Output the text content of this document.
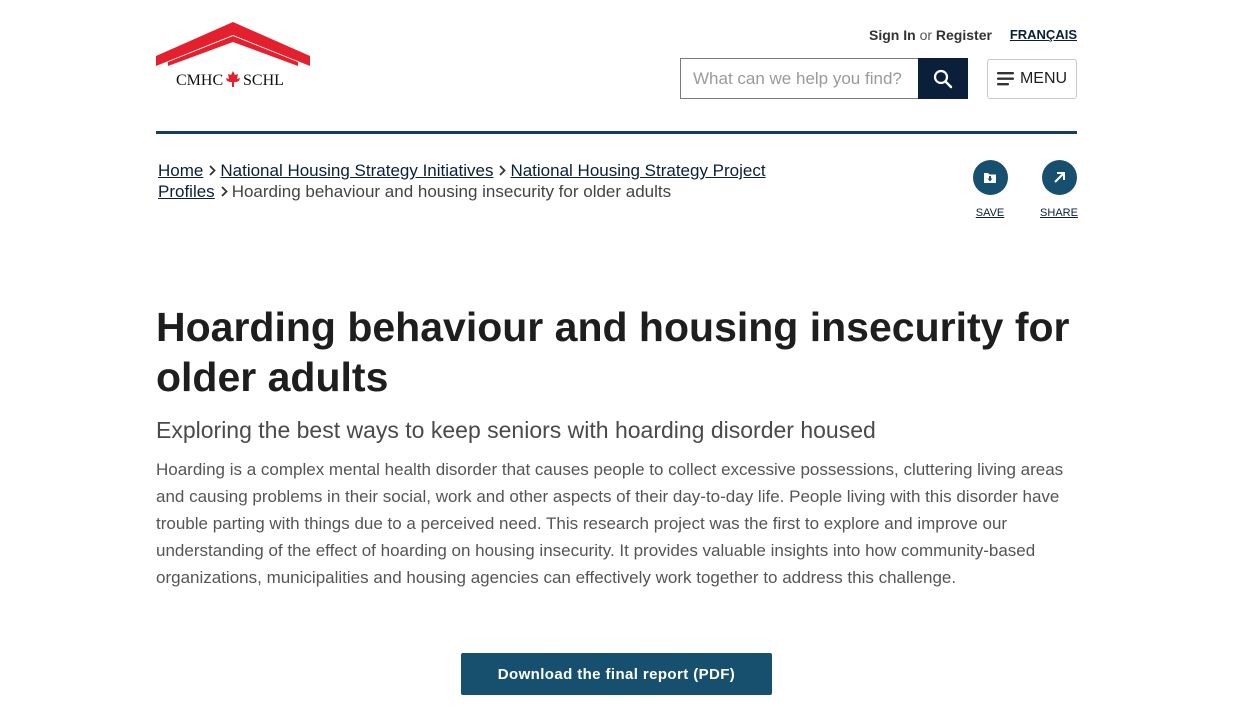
CMHC SCHL
Sign In or Register FRANÇAIS
What can we help you find?
MENU
Home National Housing Strategy Initiatives National Housing Strategy Project Profiles Hoarding behaviour and housing insecurity for older adults
SAVE	SHARE
Hoarding behaviour and housing insecurity for older adults
Exploring the best ways to keep seniors with hoarding disorder housed

Hoarding is a complex mental health disorder that causes people to collect excessive possessions, cluttering living areas and causing problems in their social, work and other aspects of their day-to-day life. People living with this disorder have trouble parting with things due to a perceived need. This research project was the first to explore and improve our understanding of the effect of hoarding on housing insecurity. It provides valuable insights into how community-based organizations, municipalities and housing agencies can effectively work together to address this challenge.

Download the final report (PDF)
